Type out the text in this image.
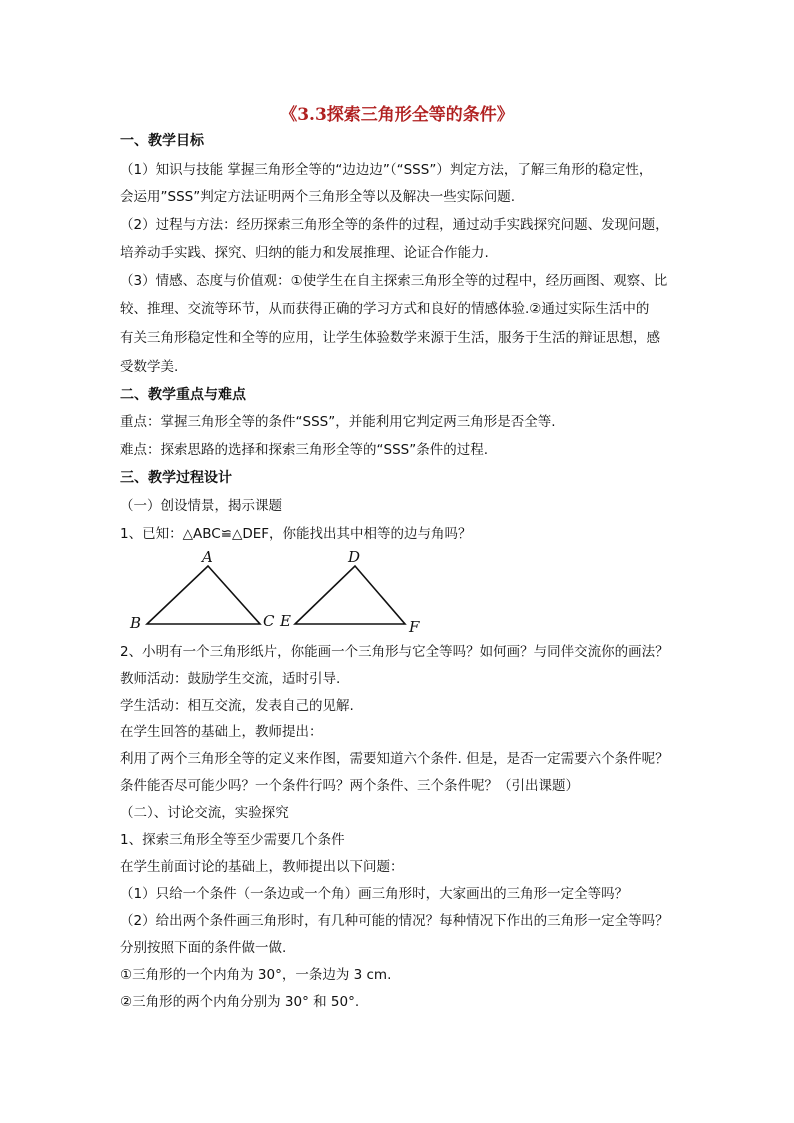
《3.3探索三角形全等的条件》
一、教学目标
（1）知识与技能 掌握三角形全等的“边边边”（“SSS”）判定方法，了解三角形的稳定性，
会运用”SSS”判定方法证明两个三角形全等以及解决一些实际问题.
（2）过程与方法：经历探索三角形全等的条件的过程，通过动手实践探究问题、发现问题，
培养动手实践、探究、归纳的能力和发展推理、论证合作能力.
（3）情感、态度与价值观：①使学生在自主探索三角形全等的过程中，经历画图、观察、比
较、推理、交流等环节，从而获得正确的学习方式和良好的情感体验.②通过实际生活中的
有关三角形稳定性和全等的应用，让学生体验数学来源于生活，服务于生活的辩证思想，感
受数学美.
二、教学重点与难点
重点：掌握三角形全等的条件“SSS”，并能利用它判定两三角形是否全等.
难点：探索思路的选择和探索三角形全等的“SSS”条件的过程.
三、教学过程设计
（一）创设情景，揭示课题
1、已知：△ABC≌△DEF，你能找出其中相等的边与角吗？
A
B	C
D
E	F
2、小明有一个三角形纸片，你能画一个三角形与它全等吗？如何画？与同伴交流你的画法？
教师活动：鼓励学生交流，适时引导.
学生活动：相互交流，发表自己的见解.
在学生回答的基础上，教师提出：
利用了两个三角形全等的定义来作图，需要知道六个条件. 但是，是否一定需要六个条件呢？
条件能否尽可能少吗？一个条件行吗？两个条件、三个条件呢？（引出课题）
（二）、讨论交流，实验探究
1、探索三角形全等至少需要几个条件
在学生前面讨论的基础上，教师提出以下问题：
（1）只给一个条件（一条边或一个角）画三角形时，大家画出的三角形一定全等吗？
（2）给出两个条件画三角形时，有几种可能的情况？每种情况下作出的三角形一定全等吗？
分别按照下面的条件做一做.
①三角形的一个内角为 30°，一条边为 3 cm.
②三角形的两个内角分别为 30° 和 50°.
